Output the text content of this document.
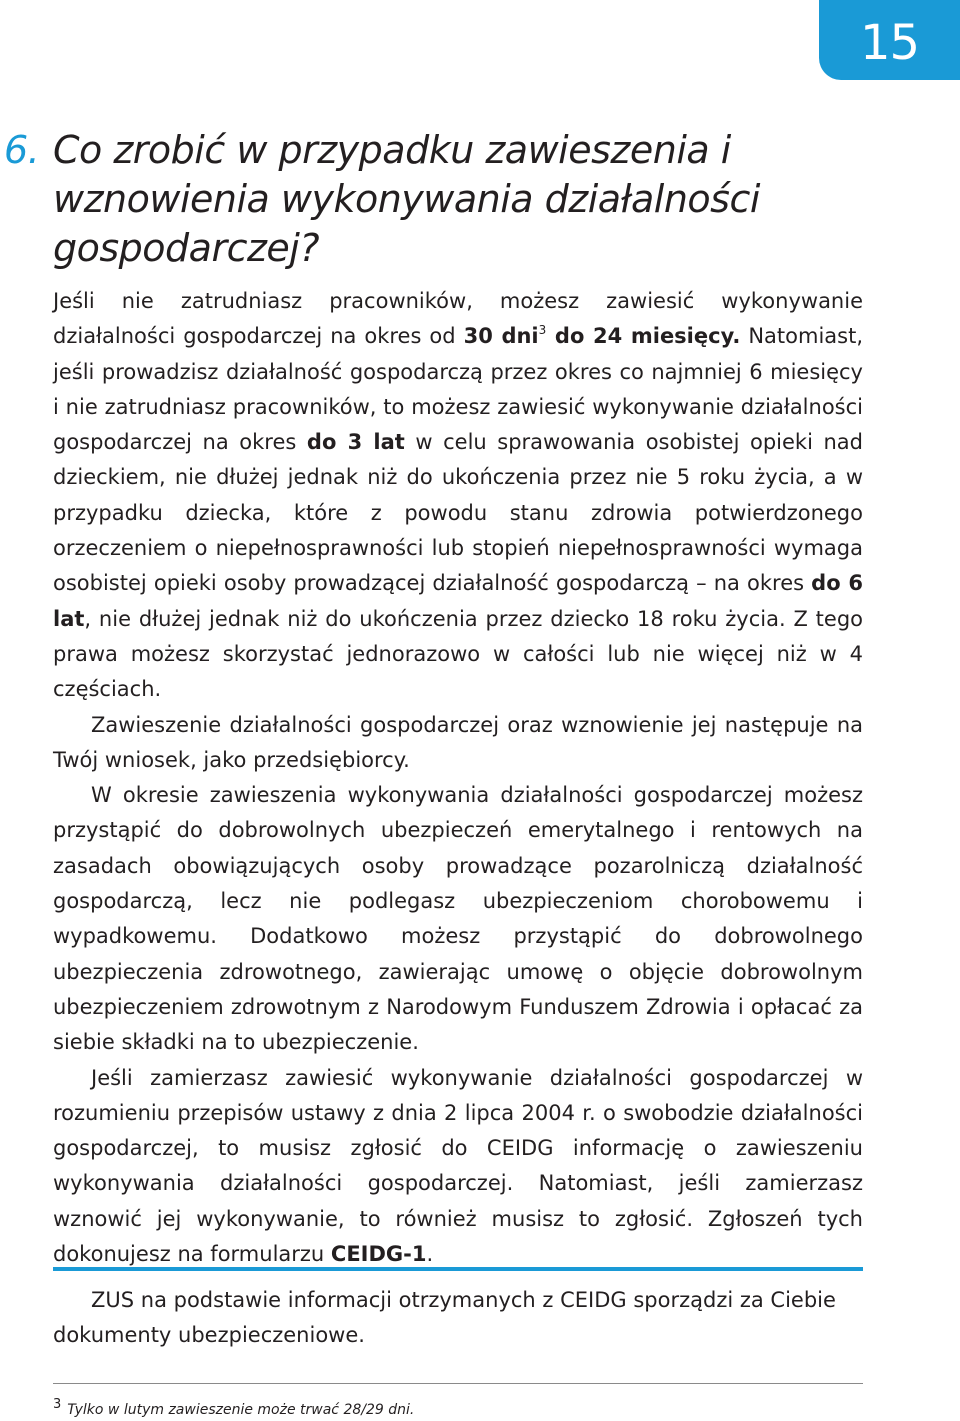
15
6. Co zrobić w przypadku zawieszenia i wznowienia wykonywania działalności gospodarczej?

Jeśli nie zatrudniasz pracowników, możesz zawiesić wykonywanie działalności gospodarczej na okres od 30 dni$^3$ do 24 miesięcy. Natomiast, jeśli prowadzisz działalność gospodarczą przez okres co najmniej 6 miesięcy i nie zatrudniasz pracowników, to możesz zawiesić wykonywanie działalności gospodarczej na okres do 3 lat w celu sprawowania osobistej opieki nad dzieckiem, nie dłużej jednak niż do ukończenia przez nie 5 roku życia, a w przypadku dziecka, które z powodu stanu zdrowia potwierdzonego orzeczeniem o niepełnosprawności lub stopień niepełnosprawności wymaga osobistej opieki osoby prowadzącej działalność gospodarczą – na okres do 6 lat, nie dłużej jednak niż do ukończenia przez dziecko 18 roku życia. Z tego prawa możesz skorzystać jednorazowo w całości lub nie więcej niż w 4 częściach.

Zawieszenie działalności gospodarczej oraz wznowienie jej następuje na Twój wniosek, jako przedsiębiorcy.

W okresie zawieszenia wykonywania działalności gospodarczej możesz przystąpić do dobrowolnych ubezpieczeń emerytalnego i rentowych na zasadach obowiązujących osoby prowadzące pozarolniczą działalność gospodarczą, lecz nie podlegasz ubezpieczeniom chorobowemu i wypadkowemu. Dodatkowo możesz przystąpić do dobrowolnego ubezpieczenia zdrowotnego, zawierając umowę o objęcie dobrowolnym ubezpieczeniem zdrowotnym z Narodowym Funduszem Zdrowia i opłacać za siebie składki na to ubezpieczenie.

Jeśli zamierzasz zawiesić wykonywanie działalności gospodarczej w rozumieniu przepisów ustawy z dnia 2 lipca 2004 r. o swobodzie działalności gospodarczej, to musisz zgłosić do CEIDG informację o zawieszeniu wykonywania działalności gospodarczej. Natomiast, jeśli zamierzasz wznowić jej wykonywanie, to również musisz to zgłosić. Zgłoszeń tych dokonujesz na formularzu CEIDG-1.

ZUS na podstawie informacji otrzymanych z CEIDG sporządzi za Ciebie dokumenty ubezpieczeniowe.

3 Tylko w lutym zawieszenie może trwać 28/29 dni.
